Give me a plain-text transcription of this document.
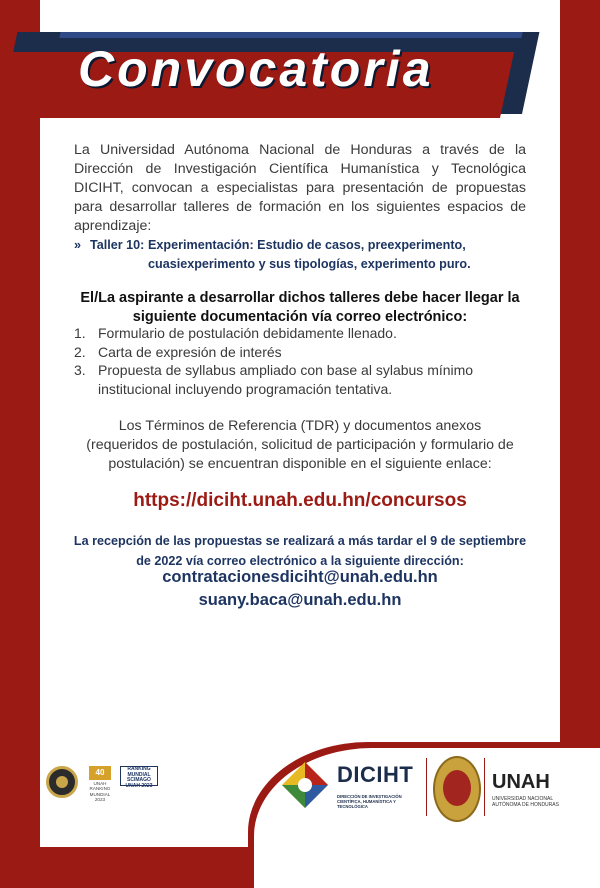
Convocatoria
La Universidad Autónoma Nacional de Honduras a través de la Dirección de Investigación Científica Humanística y Tecnológica DICIHT, convocan a especialistas para presentación de propuestas para desarrollar talleres de formación en los siguientes espacios de aprendizaje:
» Taller 10: Experimentación: Estudio de casos, preexperimento, cuasiexperimento y sus tipologías, experimento puro.
El/La aspirante a desarrollar dichos talleres debe hacer llegar la siguiente documentación vía correo electrónico:
1. Formulario de postulación debidamente llenado.
2. Carta de expresión de interés
3. Propuesta de syllabus ampliado con base al sylabus mínimo institucional incluyendo programación tentativa.
Los Términos de Referencia (TDR) y documentos anexos (requeridos de postulación, solicitud de participación y formulario de postulación) se encuentran disponible en el siguiente enlace:
https://diciht.unah.edu.hn/concursos
La recepción de las propuestas se realizará a más tardar el 9 de septiembre de 2022 vía correo electrónico a la siguiente dirección:
contratacionesdiciht@unah.edu.hn
suany.baca@unah.edu.hn
40
UNAH RANKING MUNDIAL 2023
RANKING MUNDIAL SCIMAGO UNAH 2023	DICIHT
DIRECCIÓN DE INVESTIGACIÓN CIENTÍFICA, HUMANÍSTICA Y TECNOLÓGICA
UNAH
UNIVERSIDAD NACIONAL AUTÓNOMA DE HONDURAS
